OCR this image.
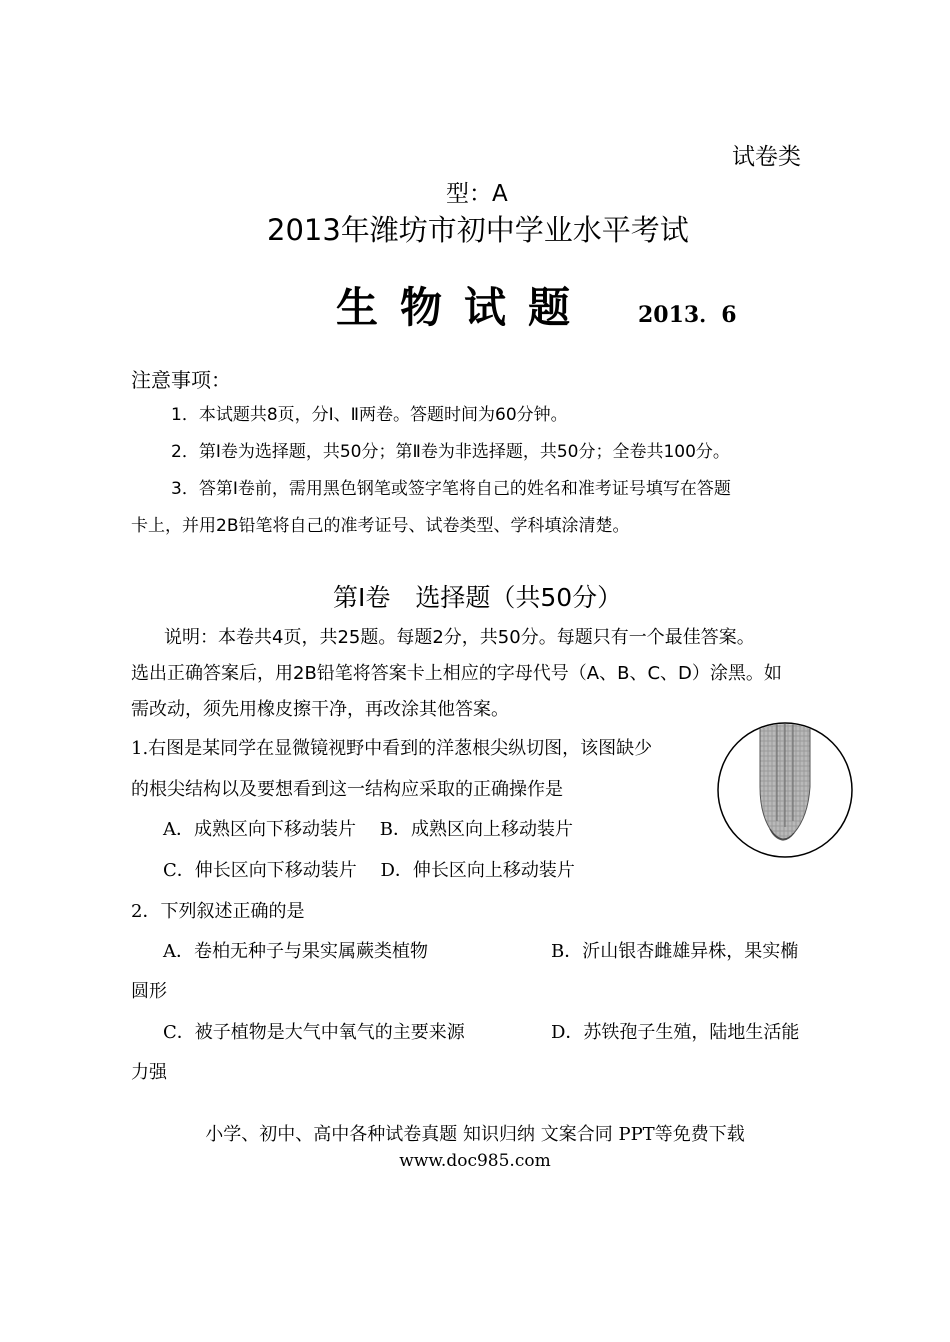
试卷类
型：A
2013年潍坊市初中学业水平考试
生物试题 2013．6
注意事项：
1．本试题共8页，分Ⅰ、Ⅱ两卷。答题时间为60分钟。
2．第Ⅰ卷为选择题，共50分；第Ⅱ卷为非选择题，共50分；全卷共100分。
3．答第Ⅰ卷前，需用黑色钢笔或签字笔将自己的姓名和准考证号填写在答题
卡上，并用2B铅笔将自己的准考证号、试卷类型、学科填涂清楚。
第Ⅰ卷　选择题（共50分）
说明：本卷共4页，共25题。每题2分，共50分。每题只有一个最佳答案。
选出正确答案后，用2B铅笔将答案卡上相应的字母代号（A、B、C、D）涂黑。如
需改动，须先用橡皮擦干净，再改涂其他答案。
1.右图是某同学在显微镜视野中看到的洋葱根尖纵切图，该图缺少
的根尖结构以及要想看到这一结构应采取的正确操作是
A．成熟区向下移动装片　 B．成熟区向上移动装片
C．伸长区向下移动装片　 D．伸长区向上移动装片
2．下列叙述正确的是
A．卷柏无种子与果实属蕨类植物	B．沂山银杏雌雄异株，果实椭
圆形
C．被子植物是大气中氧气的主要来源	D．苏铁孢子生殖，陆地生活能
力强
小学、初中、高中各种试卷真题 知识归纳 文案合同 PPT等免费下载
www.doc985.com
